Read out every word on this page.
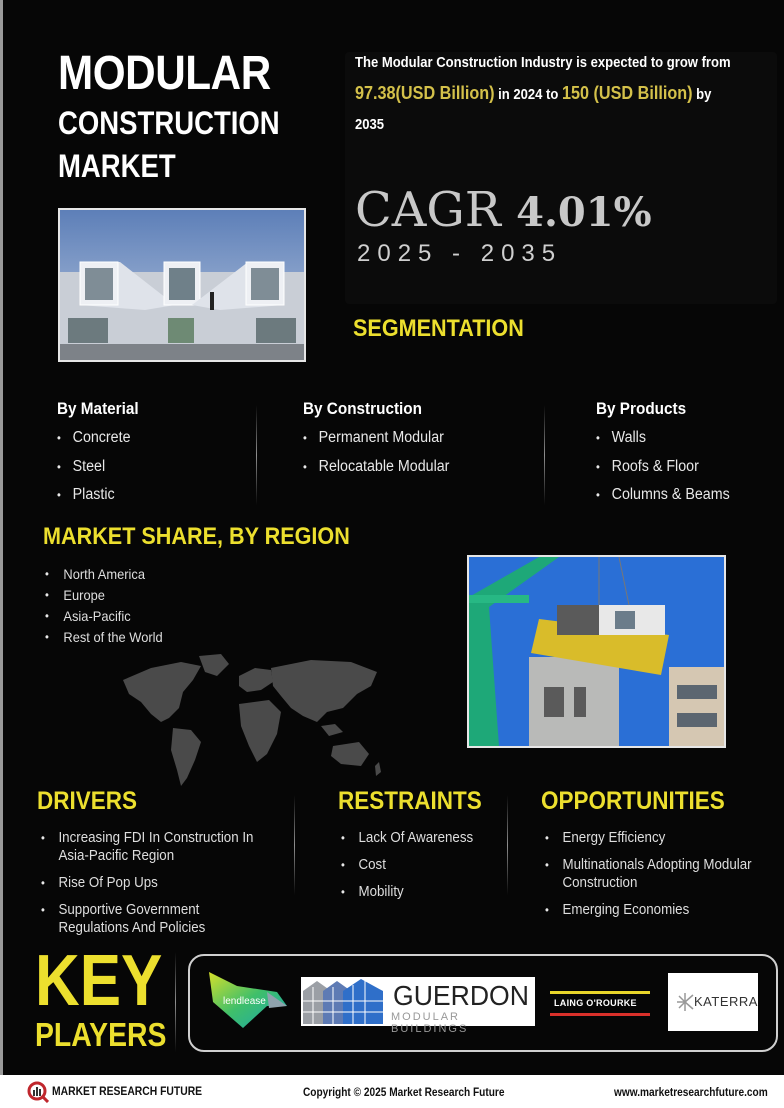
MODULAR
CONSTRUCTION
MARKET
The Modular Construction Industry is expected to grow from 97.38(USD Billion) in 2024 to 150 (USD Billion) by 2035
CAGR 4.01%
2025 - 2035
SEGMENTATION
By Material
• Concrete
• Steel
• Plastic
By Construction
• Permanent Modular
• Relocatable Modular
By Products
• Walls
• Roofs & Floor
• Columns & Beams
MARKET SHARE, BY REGION
• North America
• Europe
• Asia-Pacific
• Rest of the World
DRIVERS
• Increasing FDI In Construction In Asia-Pacific Region
• Rise Of Pop Ups
• Supportive Government Regulations And Policies
RESTRAINTS
• Lack Of Awareness
• Cost
• Mobility
OPPORTUNITIES
• Energy Efficiency
• Multinationals Adopting Modular Construction
• Emerging Economies
KEY
PLAYERS
lendlease	GUERDON
MODULAR BUILDINGS
LAING O'ROURKE	KATERRA
MARKET RESEARCH FUTURE	Copyright © 2025 Market Research Future	www.marketresearchfuture.com
